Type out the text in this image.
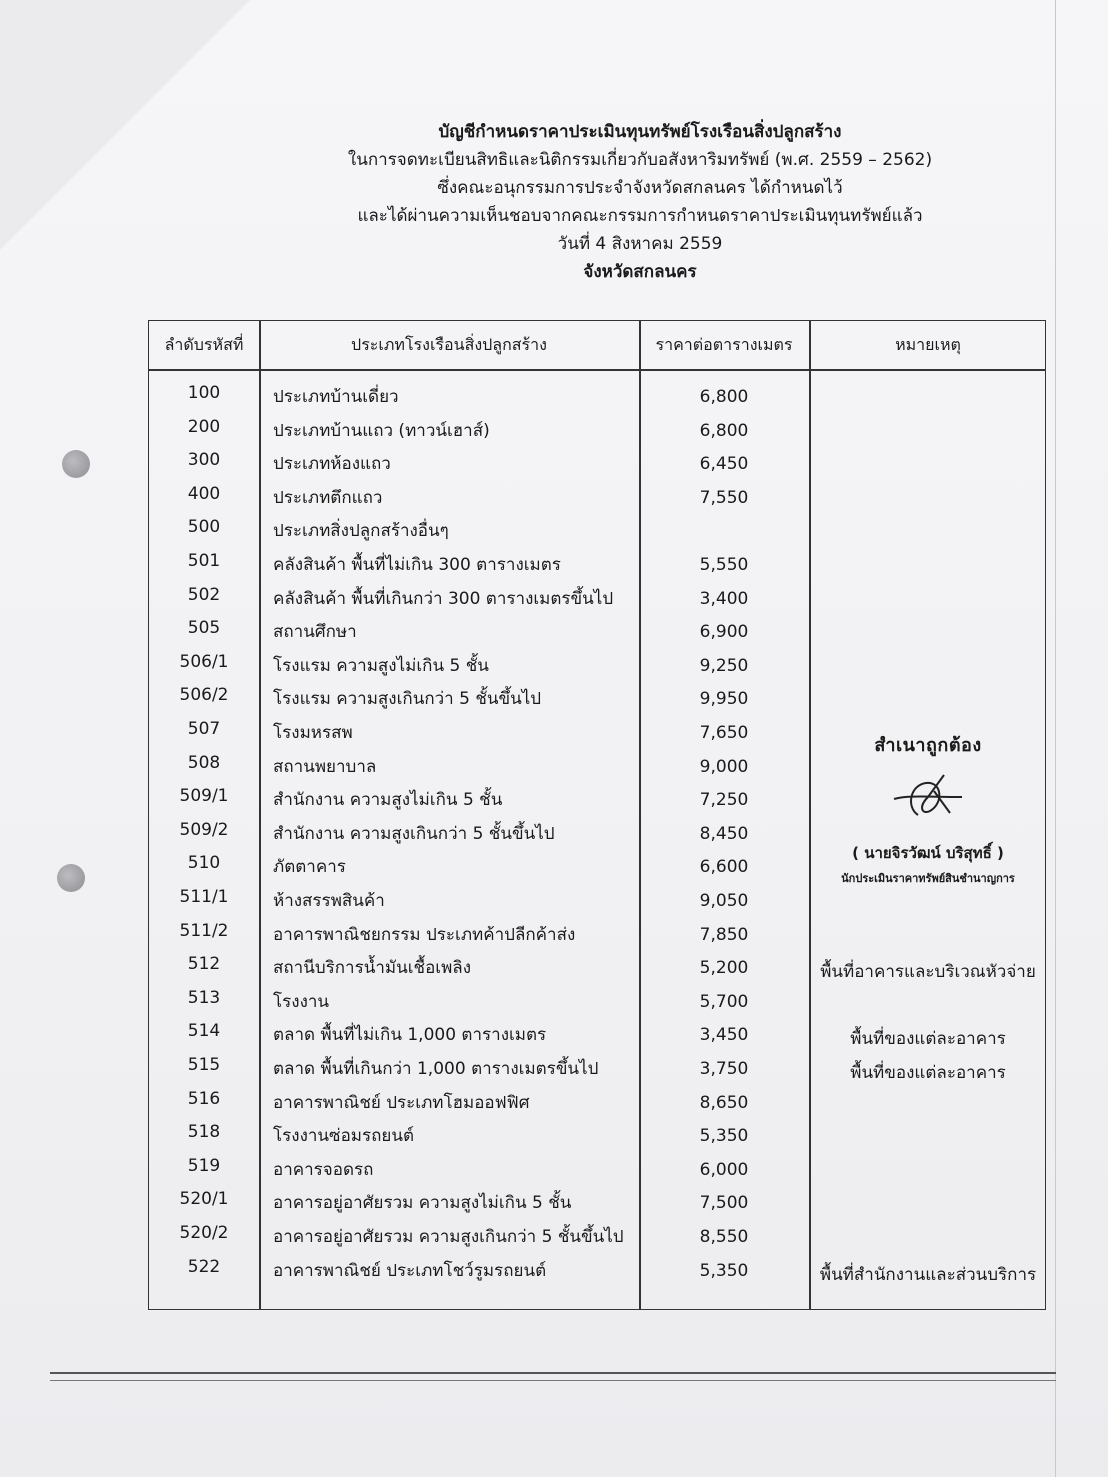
บัญชีกำหนดราคาประเมินทุนทรัพย์โรงเรือนสิ่งปลูกสร้าง
ในการจดทะเบียนสิทธิและนิติกรรมเกี่ยวกับอสังหาริมทรัพย์ (พ.ศ. 2559 – 2562)
ซึ่งคณะอนุกรรมการประจำจังหวัดสกลนคร ได้กำหนดไว้
และได้ผ่านความเห็นชอบจากคณะกรรมการกำหนดราคาประเมินทุนทรัพย์แล้ว
วันที่ 4 สิงหาคม 2559
จังหวัดสกลนคร
ลำดับรหัสที่	ประเภทโรงเรือนสิ่งปลูกสร้าง	ราคาต่อตารางเมตร	หมายเหตุ
100	ประเภทบ้านเดี่ยว	6,800
200	ประเภทบ้านแถว (ทาวน์เฮาส์)	6,800
300	ประเภทห้องแถว	6,450
400	ประเภทตึกแถว	7,550
500	ประเภทสิ่งปลูกสร้างอื่นๆ
501	คลังสินค้า พื้นที่ไม่เกิน 300 ตารางเมตร	5,550
502	คลังสินค้า พื้นที่เกินกว่า 300 ตารางเมตรขึ้นไป	3,400
505	สถานศึกษา	6,900
506/1	โรงแรม ความสูงไม่เกิน 5 ชั้น	9,250
506/2	โรงแรม ความสูงเกินกว่า 5 ชั้นขึ้นไป	9,950
507	โรงมหรสพ	7,650
508	สถานพยาบาล	9,000
509/1	สำนักงาน ความสูงไม่เกิน 5 ชั้น	7,250
509/2	สำนักงาน ความสูงเกินกว่า 5 ชั้นขึ้นไป	8,450
510	ภัตตาคาร	6,600
511/1	ห้างสรรพสินค้า	9,050
511/2	อาคารพาณิชยกรรม ประเภทค้าปลีกค้าส่ง	7,850
512	สถานีบริการน้ำมันเชื้อเพลิง	5,200	พื้นที่อาคารและบริเวณหัวจ่าย
513	โรงงาน	5,700
514	ตลาด พื้นที่ไม่เกิน 1,000 ตารางเมตร	3,450	พื้นที่ของแต่ละอาคาร
515	ตลาด พื้นที่เกินกว่า 1,000 ตารางเมตรขึ้นไป	3,750	พื้นที่ของแต่ละอาคาร
516	อาคารพาณิชย์ ประเภทโฮมออฟฟิศ	8,650
518	โรงงานซ่อมรถยนต์	5,350
519	อาคารจอดรถ	6,000
520/1	อาคารอยู่อาศัยรวม ความสูงไม่เกิน 5 ชั้น	7,500
520/2	อาคารอยู่อาศัยรวม ความสูงเกินกว่า 5 ชั้นขึ้นไป	8,550
522	อาคารพาณิชย์ ประเภทโชว์รูมรถยนต์	5,350	พื้นที่สำนักงานและส่วนบริการ
สำเนาถูกต้อง
( นายจิรวัฒน์ บริสุทธิ์ )
นักประเมินราคาทรัพย์สินชำนาญการ
